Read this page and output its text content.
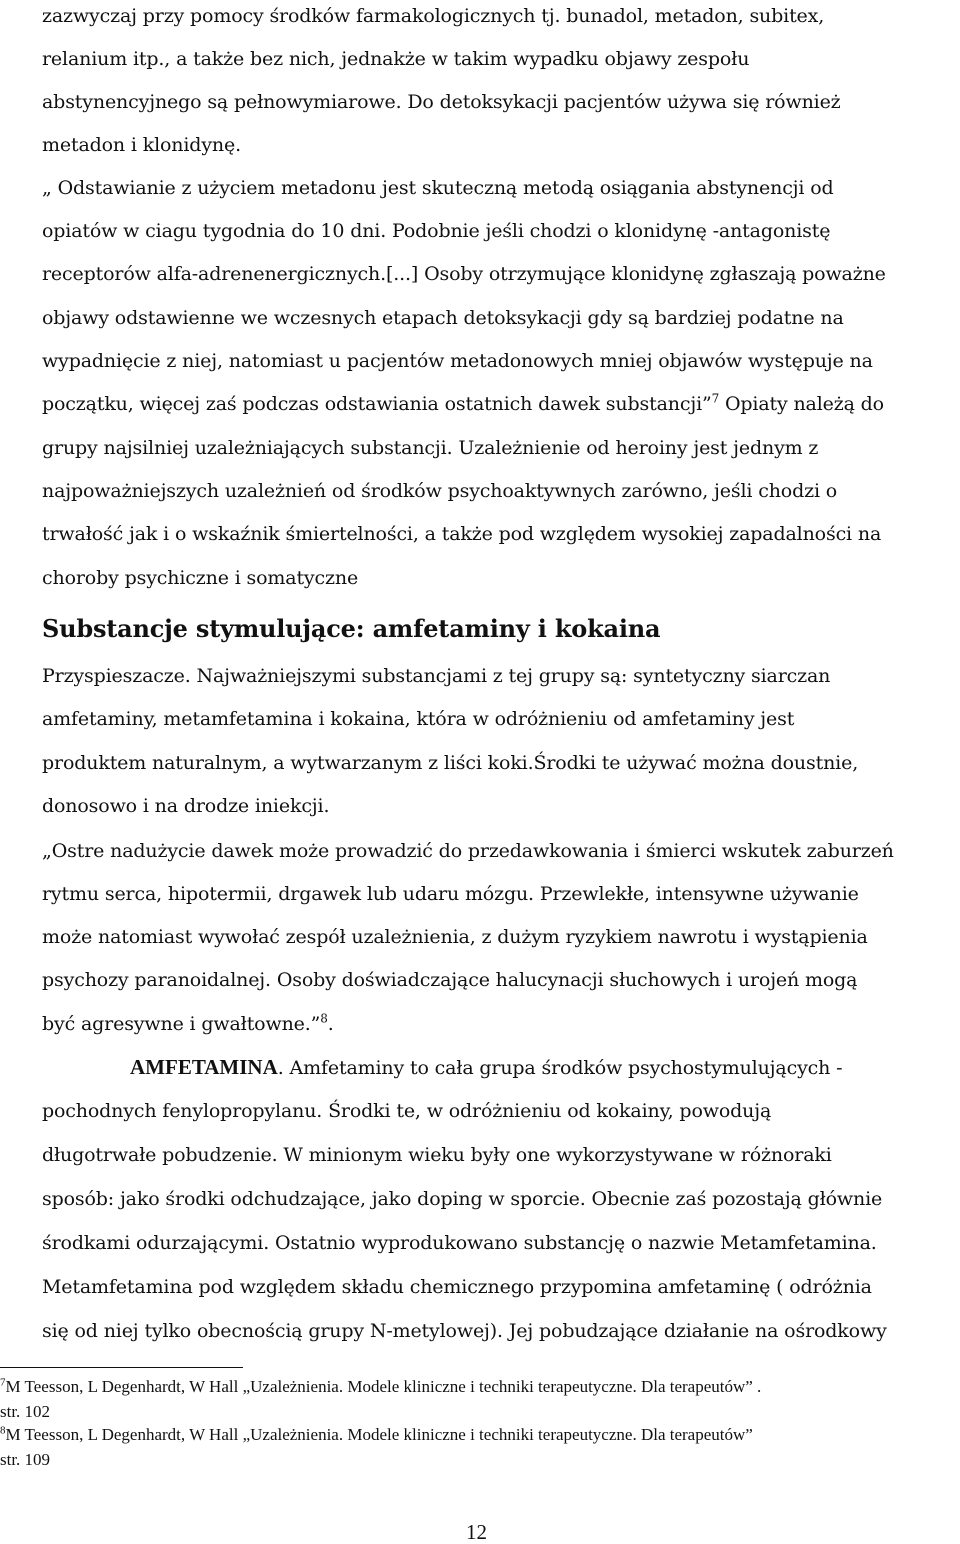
zazwyczaj przy pomocy środków farmakologicznych tj. bunadol, metadon, subitex,
relanium itp., a także bez nich, jednakże w takim wypadku objawy zespołu
abstynencyjnego są pełnowymiarowe. Do detoksykacji pacjentów używa się również
metadon i klonidynę.
„ Odstawianie z użyciem metadonu jest skuteczną metodą osiągania abstynencji od
opiatów w ciagu tygodnia do 10 dni. Podobnie jeśli chodzi o klonidynę -antagonistę
receptorów alfa-adrenenergicznych.[...] Osoby otrzymujące klonidynę zgłaszają poważne
objawy odstawienne we wczesnych etapach detoksykacji gdy są bardziej podatne na
wypadnięcie z niej, natomiast u pacjentów metadonowych mniej objawów występuje na
początku, więcej zaś podczas odstawiania ostatnich dawek substancji”$^7$ Opiaty należą do
grupy najsilniej uzależniających substancji. Uzależnienie od heroiny jest jednym z
najpoważniejszych uzależnień od środków psychoaktywnych zarówno, jeśli chodzi o
trwałość jak i o wskaźnik śmiertelności, a także pod względem wysokiej zapadalności na
choroby psychiczne i somatyczne
Substancje stymulujące: amfetaminy i kokaina
Przyspieszacze. Najważniejszymi substancjami z tej grupy są: syntetyczny siarczan
amfetaminy, metamfetamina i kokaina, która w odróżnieniu od amfetaminy jest
produktem naturalnym, a wytwarzanym z liści koki.Środki te używać można doustnie,
donosowo i na drodze iniekcji.
„Ostre nadużycie dawek może prowadzić do przedawkowania i śmierci wskutek zaburzeń
rytmu serca, hipotermii, drgawek lub udaru mózgu. Przewlekłe, intensywne używanie
może natomiast wywołać zespół uzależnienia, z dużym ryzykiem nawrotu i wystąpienia
psychozy paranoidalnej. Osoby doświadczające halucynacji słuchowych i urojeń mogą
być agresywne i gwałtowne.”$^8$.
AMFETAMINA. Amfetaminy to cała grupa środków psychostymulujących -
pochodnych fenylopropylanu. Środki te, w odróżnieniu od kokainy, powodują
długotrwałe pobudzenie. W minionym wieku były one wykorzystywane w różnoraki
sposób: jako środki odchudzające, jako doping w sporcie. Obecnie zaś pozostają głównie
środkami odurzającymi. Ostatnio wyprodukowano substancję o nazwie Metamfetamina.
Metamfetamina pod względem składu chemicznego przypomina amfetaminę ( odróżnia
się od niej tylko obecnością grupy N-metylowej). Jej pobudzające działanie na ośrodkowy
$^7$M Teesson, L Degenhardt, W Hall „Uzależnienia. Modele kliniczne i techniki terapeutyczne. Dla terapeutów” .
str. 102
$^8$M Teesson, L Degenhardt, W Hall „Uzależnienia. Modele kliniczne i techniki terapeutyczne. Dla terapeutów”
str. 109
12
